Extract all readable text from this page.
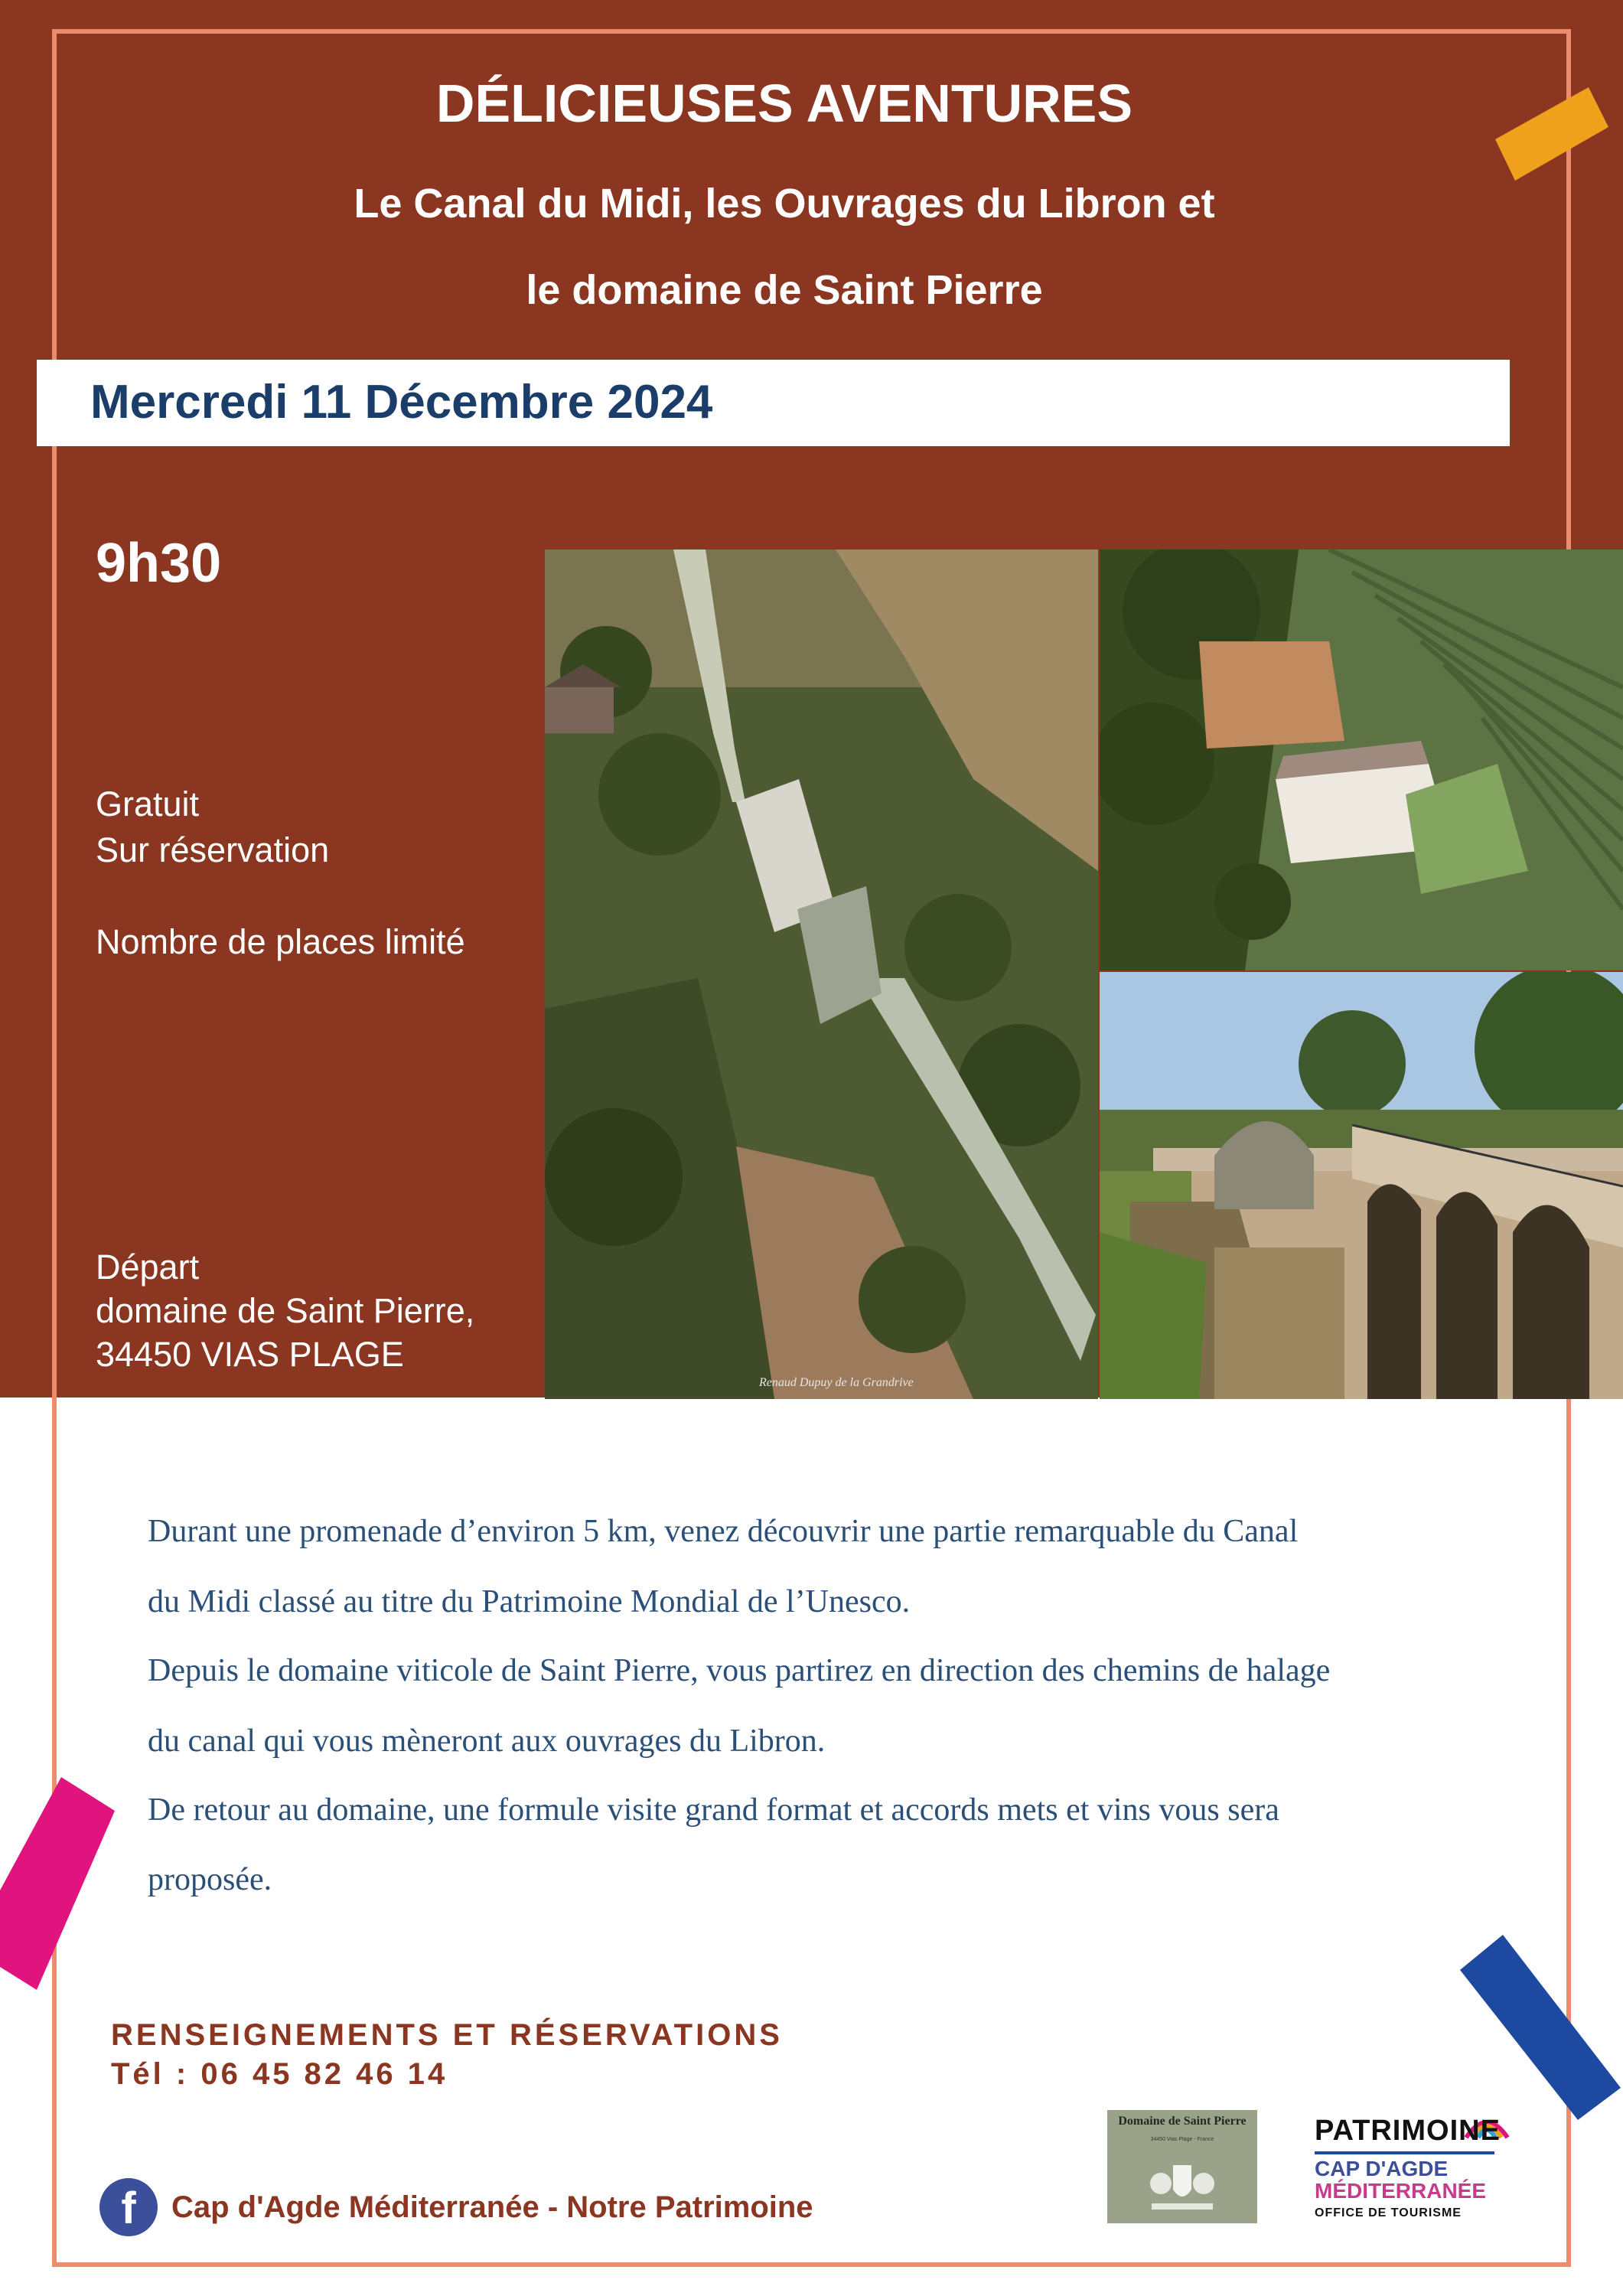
DÉLICIEUSES AVENTURES
Le Canal du Midi, les Ouvrages du Libron et
le domaine de Saint Pierre
Mercredi 11 Décembre 2024
9h30
Gratuit
Sur réservation
Nombre de places limité
Départ
domaine de Saint Pierre,
34450 VIAS PLAGE
Renaud Dupuy de la Grandrive
Durant une promenade d’environ 5 km, venez découvrir une partie remarquable du Canal
du Midi classé au titre du Patrimoine Mondial de l’Unesco.
Depuis le domaine viticole de Saint Pierre, vous partirez en direction des chemins de halage
du canal qui vous mèneront aux ouvrages du Libron.
De retour au domaine, une formule visite grand format et accords mets et vins vous sera
proposée.
RENSEIGNEMENTS ET RÉSERVATIONS
Tél : 06 45 82 46 14
f	Cap d'Agde Méditerranée - Notre Patrimoine
Domaine de Saint Pierre
34450 Vias Plage - France	PATRIMOINE
CAP D'AGDE
MÉDITERRANÉE
OFFICE DE TOURISME
